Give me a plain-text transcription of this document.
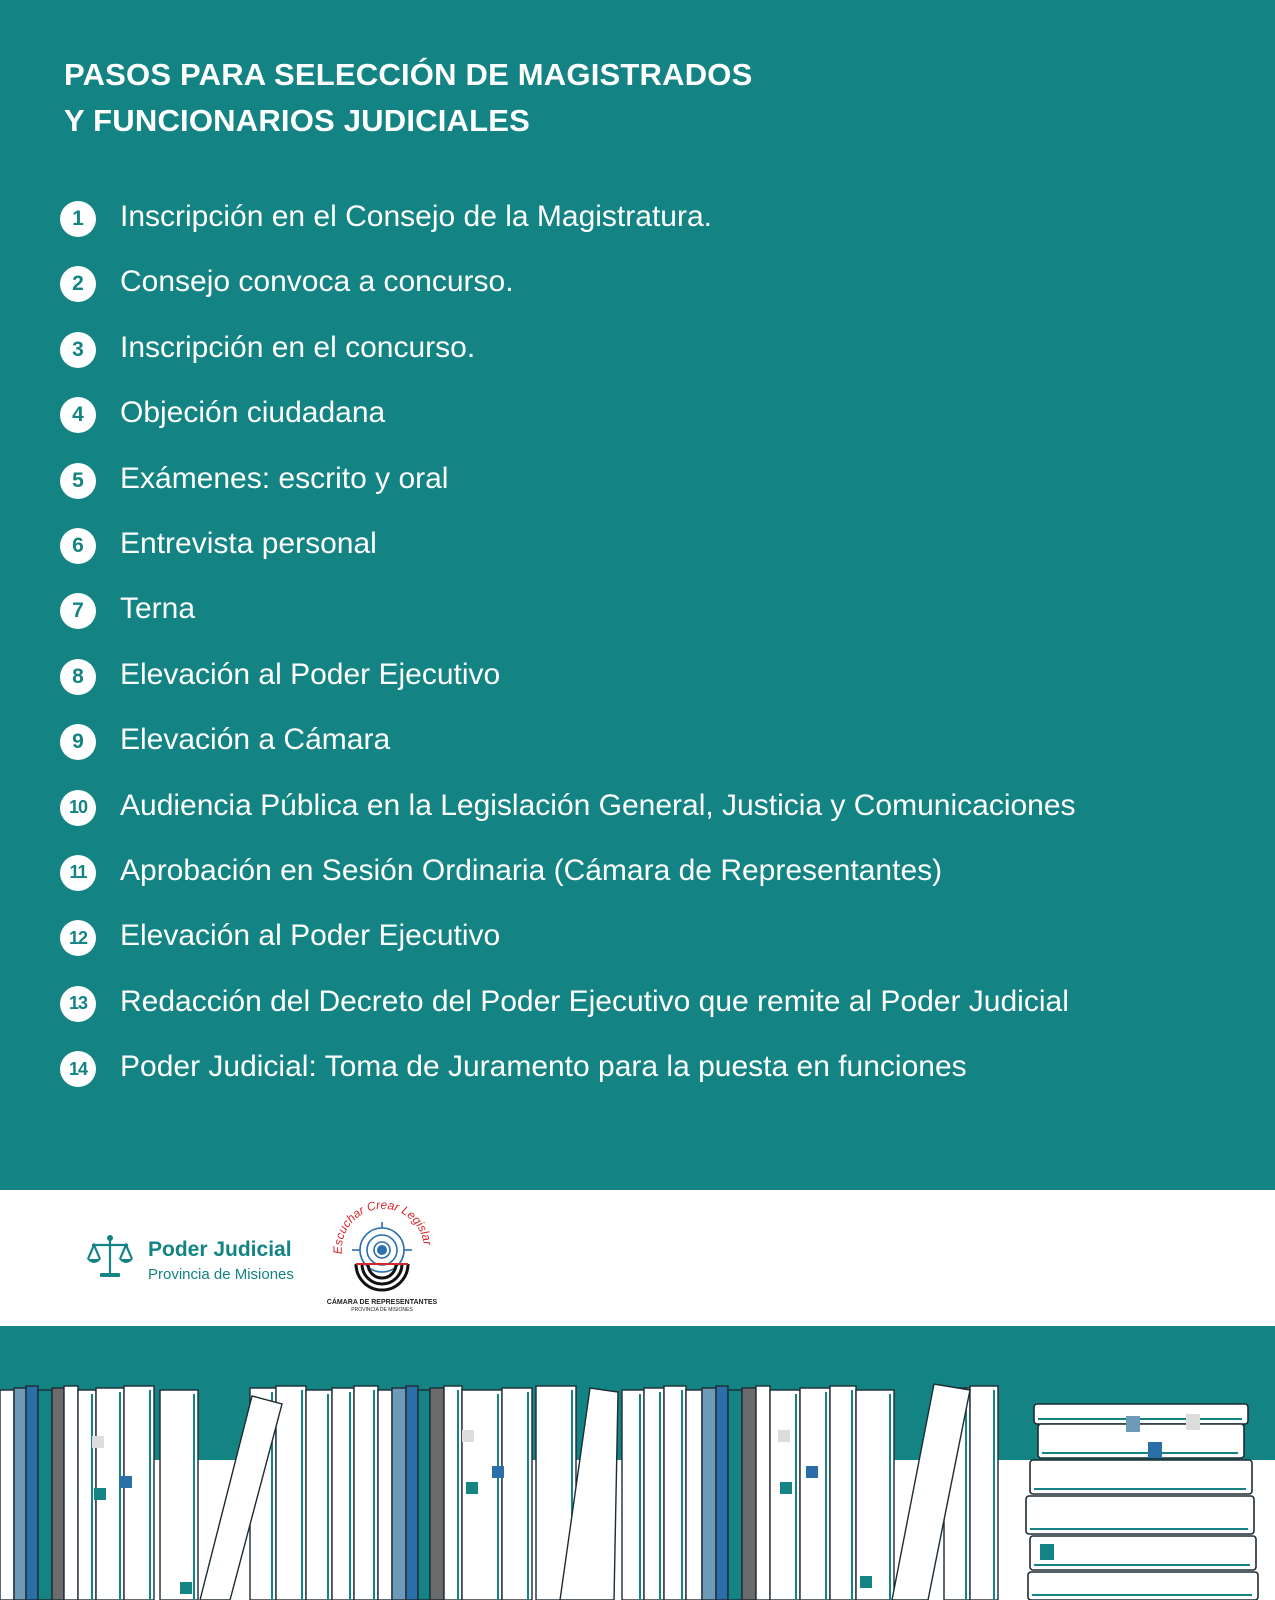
PASOS PARA SELECCIÓN DE MAGISTRADOS
Y FUNCIONARIOS JUDICIALES
1	Inscripción en el Consejo de la Magistratura.
2	Consejo convoca a concurso.
3	Inscripción en el concurso.
4	Objeción ciudadana
5	Exámenes: escrito y oral
6	Entrevista personal
7	Terna
8	Elevación al Poder Ejecutivo
9	Elevación a Cámara
10 Audiencia Pública en la Legislación General, Justicia y Comunicaciones
11	Aprobación en Sesión Ordinaria (Cámara de Representantes)
12 Elevación al Poder Ejecutivo
13 Redacción del Decreto del Poder Ejecutivo que remite al Poder Judicial
14 Poder Judicial: Toma de Juramento para la puesta en funciones
Poder Judicial
Provincia de Misiones
Escuchar Crear Legislar
CÁMARA DE REPRESENTANTES
PROVINCIA DE MISIONES
